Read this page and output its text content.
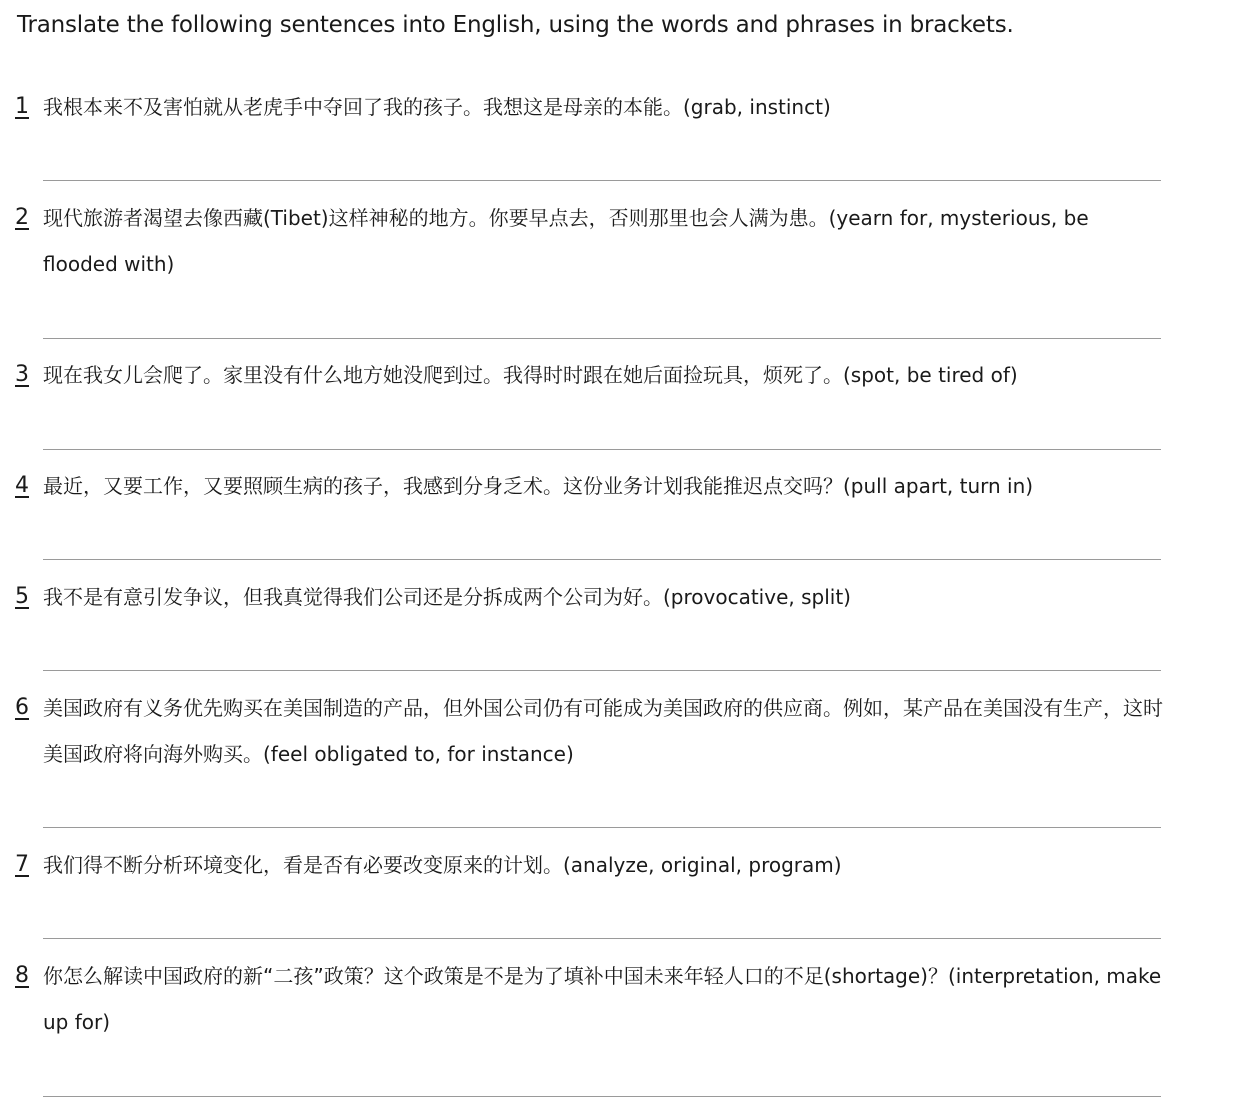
Translate the following sentences into English, using the words and phrases in brackets.
1 我根本来不及害怕就从老虎手中夺回了我的孩子。我想这是母亲的本能。(grab, instinct)
2 现代旅游者渴望去像西藏(Tibet)这样神秘的地方。你要早点去，否则那里也会人满为患。(yearn for, mysterious, be flooded with)
3 现在我女儿会爬了。家里没有什么地方她没爬到过。我得时时跟在她后面捡玩具，烦死了。(spot, be tired of)
4 最近，又要工作，又要照顾生病的孩子，我感到分身乏术。这份业务计划我能推迟点交吗？(pull apart, turn in)
5 我不是有意引发争议，但我真觉得我们公司还是分拆成两个公司为好。(provocative, split)
6 美国政府有义务优先购买在美国制造的产品，但外国公司仍有可能成为美国政府的供应商。例如，某产品在美国没有生产，这时美国政府将向海外购买。(feel obligated to, for instance)
7 我们得不断分析环境变化，看是否有必要改变原来的计划。(analyze, original, program)
8 你怎么解读中国政府的新“二孩”政策？这个政策是不是为了填补中国未来年轻人口的不足(shortage)？(interpretation, make up for)
